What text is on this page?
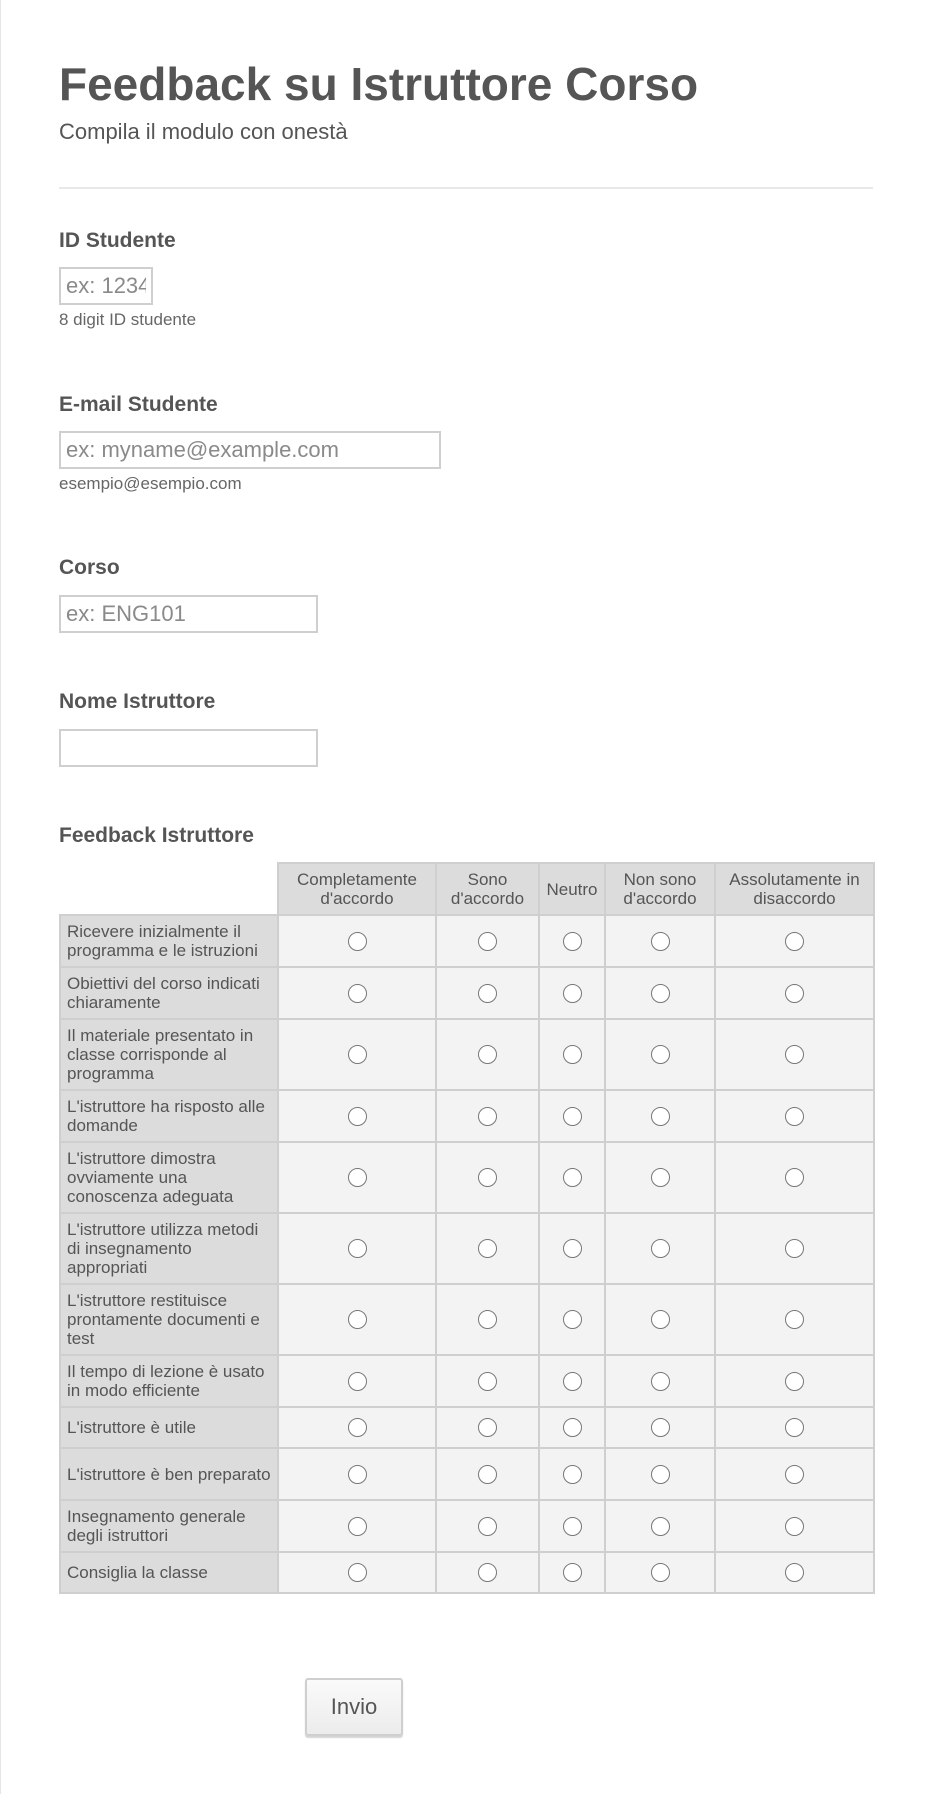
Feedback su Istruttore Corso
Compila il modulo con onestà
ID Studente
ex: 1234
8 digit ID studente
E-mail Studente
ex: myname@example.com
esempio@esempio.com
Corso
ex: ENG101
Nome Istruttore
Feedback Istruttore
	Completamente d'accordo	Sono d'accordo	Neutro	Non sono d'accordo	Assolutamente in disaccordo
Ricevere inizialmente il programma e le istruzioni					
Obiettivi del corso indicati chiaramente					
Il materiale presentato in classe corrisponde al programma					
L'istruttore ha risposto alle domande					
L'istruttore dimostra ovviamente una conoscenza adeguata					
L'istruttore utilizza metodi di insegnamento appropriati					
L'istruttore restituisce prontamente documenti e test					
Il tempo di lezione è usato in modo efficiente					
L'istruttore è utile					
L'istruttore è ben preparato					
Insegnamento generale degli istruttori					
Consiglia la classe					
Invio
